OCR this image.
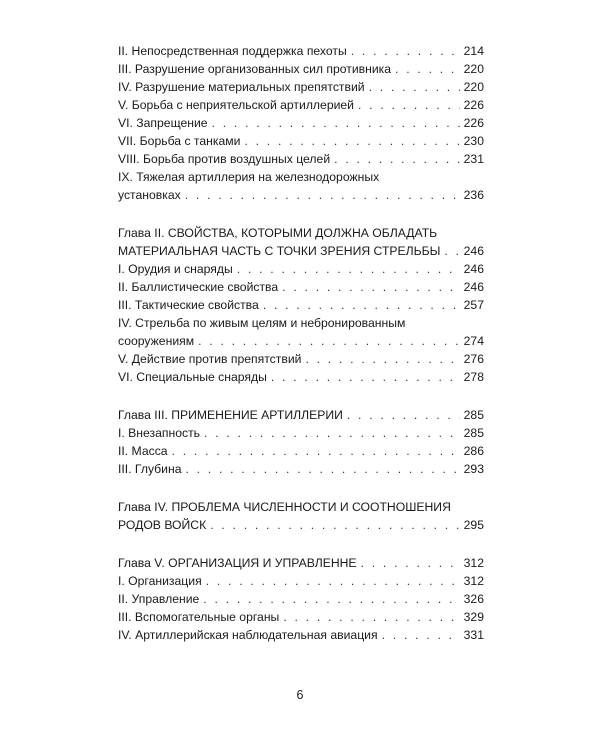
II. Непосредственная поддержка пехоты . . .	214
III. Разрушение организованных сил противника . . .	220
IV. Разрушение материальных препятствий . . .	220
V. Борьба с неприятельской артиллерией . . .	226
VI. Запрещение . . .	226
VII. Борьба с танками . . .	230
VIII. Борьба против воздушных целей . . .	231
IX. Тяжелая артиллерия на железнодорожных
установках . . .	236
Глава II. СВОЙСТВА, КОТОРЫМИ ДОЛЖНА ОБЛАДАТЬ
МАТЕРИАЛЬНАЯ ЧАСТЬ С ТОЧКИ ЗРЕНИЯ СТРЕЛЬБЫ . . . 246
I. Орудия и снаряды . . .	246
II. Баллистические свойства . . .	246
III. Тактические свойства . . .	257
IV. Стрельба по живым целям и небронированным
сооружениям . . .	274
V. Действие против препятствий . . .	276
VI. Специальные снаряды . . .	278
Глава III. ПРИМЕНЕНИЕ АРТИЛЛЕРИИ . . .	285
I. Внезапность . . .	285
II. Масса . . .	286
III. Глубина . . .	293
Глава IV. ПРОБЛЕМА ЧИСЛЕННОСТИ И СООТНОШЕНИЯ
РОДОВ ВОЙСК . . .	295
Глава V. ОРГАНИЗАЦИЯ И УПРАВЛЕННЕ . . .	312
I. Организация . . .	312
II. Управление . . .	326
III. Вспомогательные органы . . .	329
IV. Артиллерийская наблюдательная авиация . . .	331
6
